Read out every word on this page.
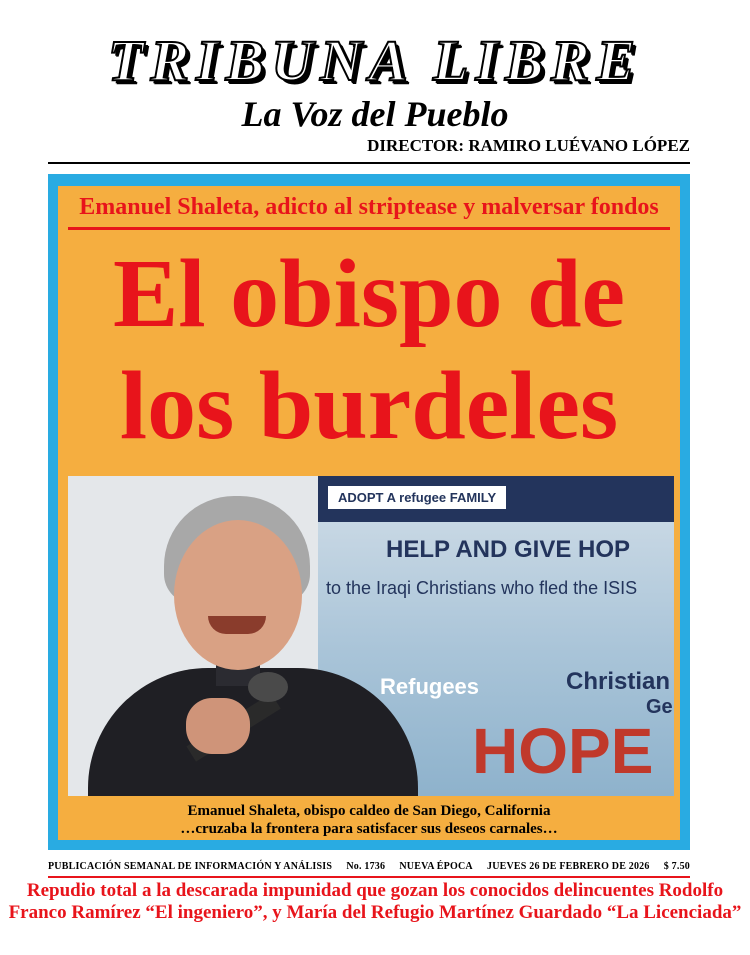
TRIBUNA LIBRE
La Voz del Pueblo
DIRECTOR: RAMIRO LUÉVANO LÓPEZ
Emanuel Shaleta, adicto al striptease y malversar fondos
El obispo de
los burdeles
ADOPT A refugee FAMILY
HELP AND GIVE HOP
to the Iraqi Christians who fled the ISIS
Refugees	Christian
Ge
HOPE
Emanuel Shaleta, obispo caldeo de San Diego, California
…cruzaba la frontera para satisfacer sus deseos carnales…
PUBLICACIÓN SEMANAL DE INFORMACIÓN Y ANÁLISIS No. 1736 NUEVA ÉPOCA JUEVES 26 DE FEBRERO DE 2026 $ 7.50
Repudio total a la descarada impunidad que gozan los conocidos delincuentes Rodolfo
Franco Ramírez “El ingeniero”, y María del Refugio Martínez Guardado “La Licenciada”
